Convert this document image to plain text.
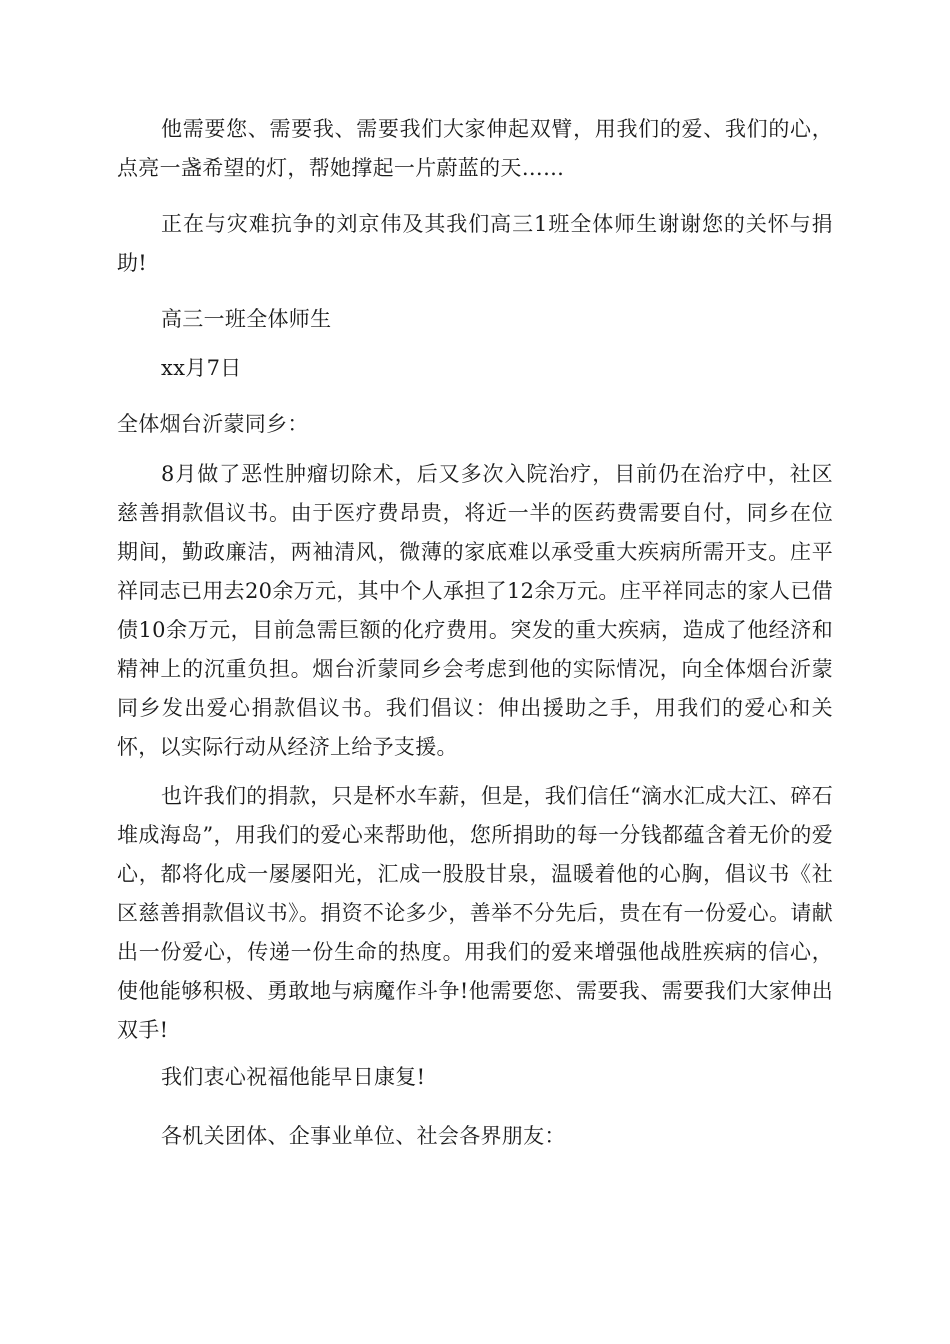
他需要您、需要我、需要我们大家伸起双臂，用我们的爱、我们的心，点亮一盏希望的灯，帮她撑起一片蔚蓝的天……

正在与灾难抗争的刘京伟及其我们高三1班全体师生谢谢您的关怀与捐助!

高三一班全体师生

xx月7日

全体烟台沂蒙同乡：

8月做了恶性肿瘤切除术，后又多次入院治疗，目前仍在治疗中，社区慈善捐款倡议书。由于医疗费昂贵，将近一半的医药费需要自付，同乡在位期间，勤政廉洁，两袖清风，微薄的家底难以承受重大疾病所需开支。庄平祥同志已用去20余万元，其中个人承担了12余万元。庄平祥同志的家人已借债10余万元，目前急需巨额的化疗费用。突发的重大疾病，造成了他经济和精神上的沉重负担。烟台沂蒙同乡会考虑到他的实际情况，向全体烟台沂蒙同乡发出爱心捐款倡议书。我们倡议：伸出援助之手，用我们的爱心和关怀，以实际行动从经济上给予支援。

也许我们的捐款，只是杯水车薪，但是，我们信任“滴水汇成大江、碎石堆成海岛”，用我们的爱心来帮助他，您所捐助的每一分钱都蕴含着无价的爱心，都将化成一屡屡阳光，汇成一股股甘泉，温暖着他的心胸，倡议书《社区慈善捐款倡议书》。捐资不论多少，善举不分先后，贵在有一份爱心。请献出一份爱心，传递一份生命的热度。用我们的爱来增强他战胜疾病的信心，使他能够积极、勇敢地与病魔作斗争!他需要您、需要我、需要我们大家伸出双手!

我们衷心祝福他能早日康复!

各机关团体、企事业单位、社会各界朋友：
